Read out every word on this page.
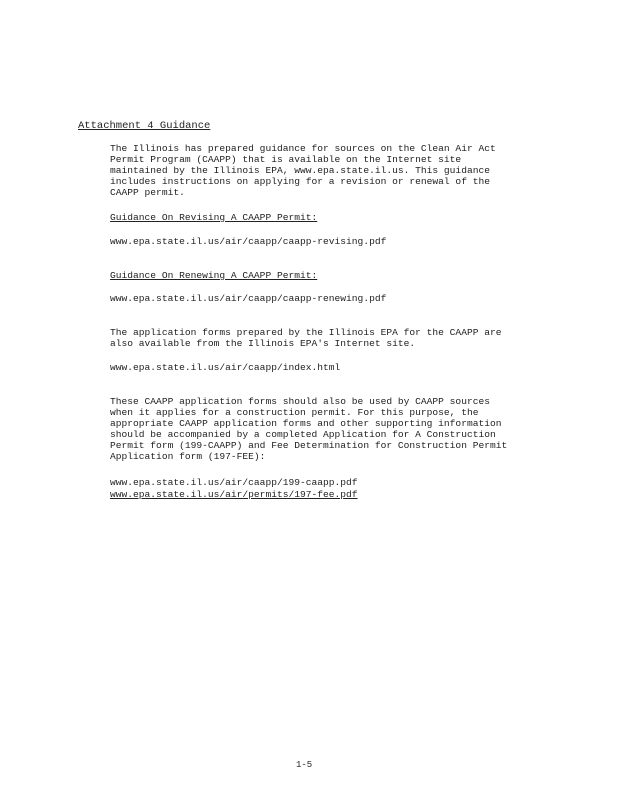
Attachment 4 Guidance
The Illinois has prepared guidance for sources on the Clean Air Act
Permit Program (CAAPP) that is available on the Internet site
maintained by the Illinois EPA, www.epa.state.il.us. This guidance
includes instructions on applying for a revision or renewal of the
CAAPP permit.
Guidance On Revising A CAAPP Permit:
www.epa.state.il.us/air/caapp/caapp-revising.pdf
Guidance On Renewing A CAAPP Permit:
www.epa.state.il.us/air/caapp/caapp-renewing.pdf
The application forms prepared by the Illinois EPA for the CAAPP are
also available from the Illinois EPA's Internet site.
www.epa.state.il.us/air/caapp/index.html
These CAAPP application forms should also be used by CAAPP sources
when it applies for a construction permit. For this purpose, the
appropriate CAAPP application forms and other supporting information
should be accompanied by a completed Application for A Construction
Permit form (199-CAAPP) and Fee Determination for Construction Permit
Application form (197-FEE):
www.epa.state.il.us/air/caapp/199-caapp.pdf
www.epa.state.il.us/air/permits/197-fee.pdf
1-5
